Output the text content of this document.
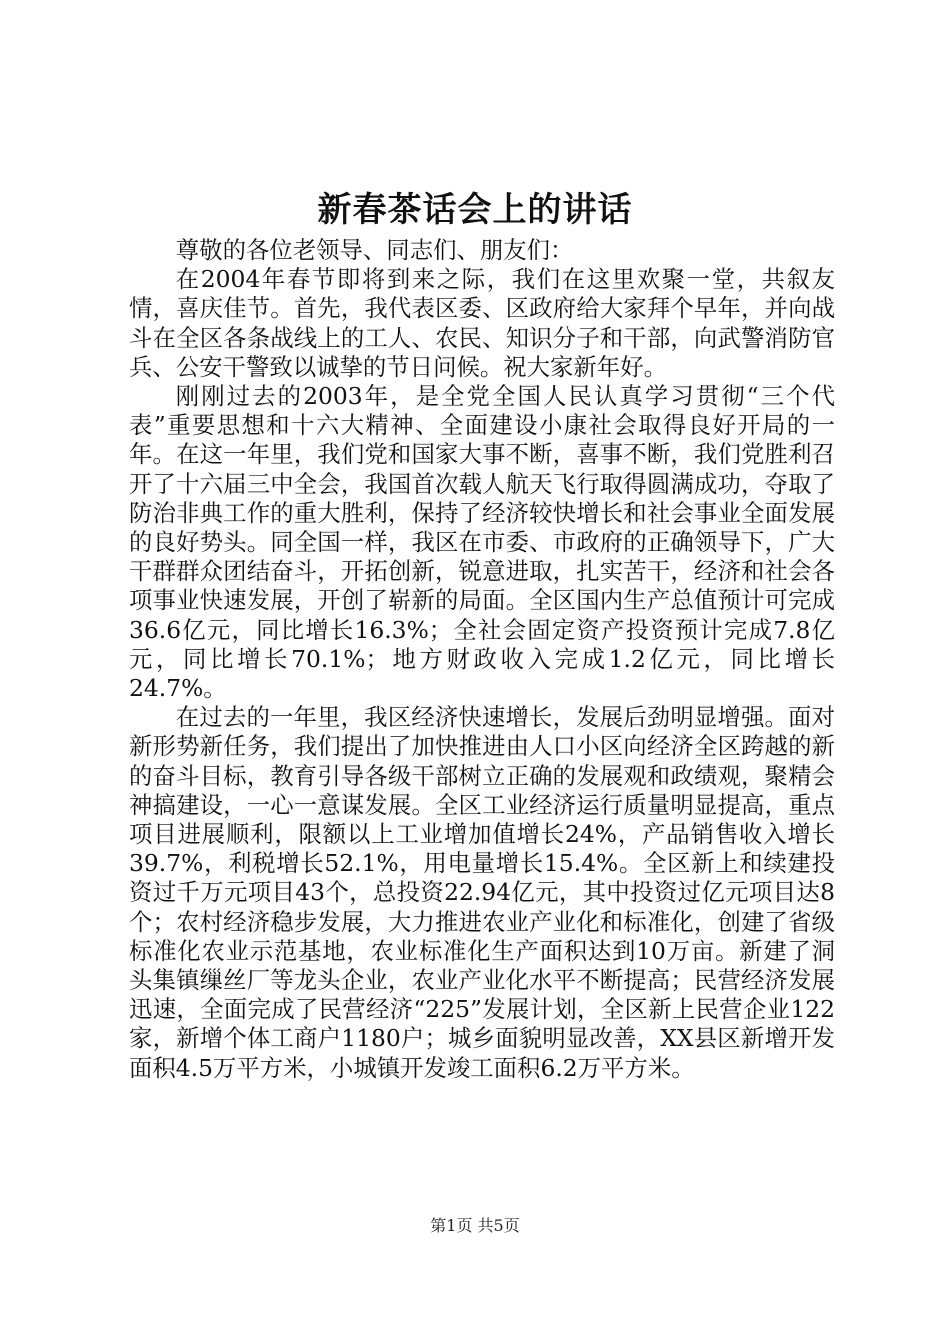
新春茶话会上的讲话

尊敬的各位老领导、同志们、朋友们：

在2004年春节即将到来之际，我们在这里欢聚一堂，共叙友情，喜庆佳节。首先，我代表区委、区政府给大家拜个早年，并向战斗在全区各条战线上的工人、农民、知识分子和干部，向武警消防官兵、公安干警致以诚挚的节日问候。祝大家新年好。

刚刚过去的2003年，是全党全国人民认真学习贯彻“三个代表”重要思想和十六大精神、全面建设小康社会取得良好开局的一年。在这一年里，我们党和国家大事不断，喜事不断，我们党胜利召开了十六届三中全会，我国首次载人航天飞行取得圆满成功，夺取了防治非典工作的重大胜利，保持了经济较快增长和社会事业全面发展的良好势头。同全国一样，我区在市委、市政府的正确领导下，广大干群群众团结奋斗，开拓创新，锐意进取，扎实苦干，经济和社会各项事业快速发展，开创了崭新的局面。全区国内生产总值预计可完成36.6亿元，同比增长16.3%；全社会固定资产投资预计完成7.8亿元，同比增长70.1%；地方财政收入完成1.2亿元，同比增长24.7%。

在过去的一年里，我区经济快速增长，发展后劲明显增强。面对新形势新任务，我们提出了加快推进由人口小区向经济全区跨越的新的奋斗目标，教育引导各级干部树立正确的发展观和政绩观，聚精会神搞建设，一心一意谋发展。全区工业经济运行质量明显提高，重点项目进展顺利，限额以上工业增加值增长24%，产品销售收入增长39.7%，利税增长52.1%，用电量增长15.4%。全区新上和续建投资过千万元项目43个，总投资22.94亿元，其中投资过亿元项目达8个；农村经济稳步发展，大力推进农业产业化和标准化，创建了省级标准化农业示范基地，农业标准化生产面积达到10万亩。新建了洞头集镇缫丝厂等龙头企业，农业产业化水平不断提高；民营经济发展迅速，全面完成了民营经济“225”发展计划，全区新上民营企业122家，新增个体工商户1180户；城乡面貌明显改善，XX县区新增开发面积4.5万平方米，小城镇开发竣工面积6.2万平方米。

第1页 共5页
